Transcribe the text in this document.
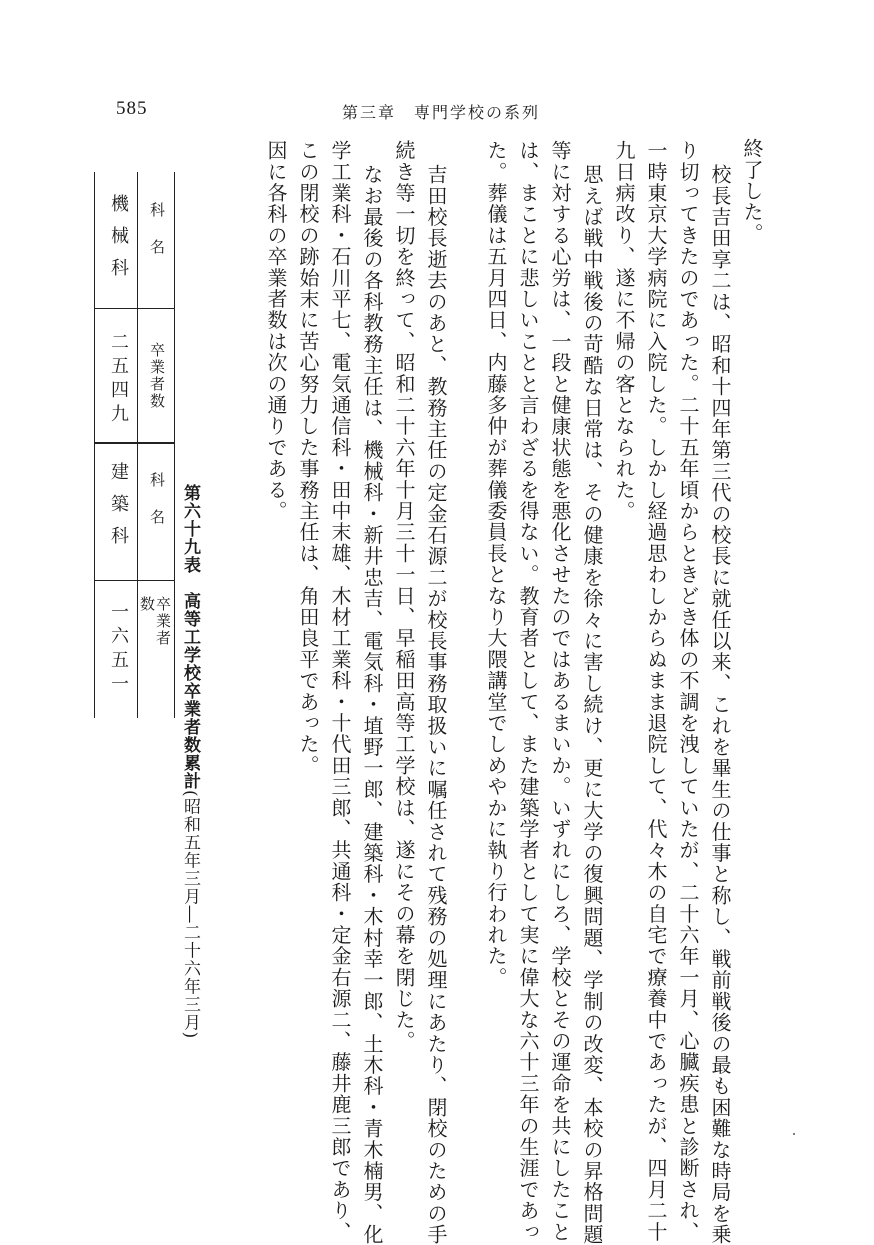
585	第三章　専門学校の系列
終了した。
校長吉田享二は、昭和十四年第三代の校長に就任以来、これを畢生の仕事と称し、戦前戦後の最も困難な時局を乗
り切ってきたのであった。二十五年頃からときどき体の不調を洩していたが、二十六年一月、心臓疾患と診断され、
一時東京大学病院に入院した。しかし経過思わしからぬまま退院して、代々木の自宅で療養中であったが、四月二十
九日病改り、遂に不帰の客となられた。
思えば戦中戦後の苛酷な日常は、その健康を徐々に害し続け、更に大学の復興問題、学制の改変、本校の昇格問題
等に対する心労は、一段と健康状態を悪化させたのではあるまいか。いずれにしろ、学校とその運命を共にしたこと
は、まことに悲しいことと言わざるを得ない。教育者として、また建築学者として実に偉大な六十三年の生涯であっ
た。葬儀は五月四日、内藤多仲が葬儀委員長となり大隈講堂でしめやかに執り行われた。
吉田校長逝去のあと、教務主任の定金石源二が校長事務取扱いに嘱任されて残務の処理にあたり、閉校のための手
続き等一切を終って、昭和二十六年十月三十一日、早稲田高等工学校は、遂にその幕を閉じた。
なお最後の各科教務主任は、機械科・新井忠吉、電気科・埴野一郎、建築科・木村幸一郎、土木科・青木楠男、化
学工業科・石川平七、電気通信科・田中末雄、木材工業科・十代田三郎、共通科・定金右源二、藤井鹿三郎であり、
この閉校の跡始末に苦心努力した事務主任は、角田良平であった。
因に各科の卒業者数は次の通りである。
第六十九表　高等工学校卒業者数累計(昭和五年三月―二十六年三月)
科名
卒業者数
科名
卒業者数
機械科
二五四九
建築科
一六五一
